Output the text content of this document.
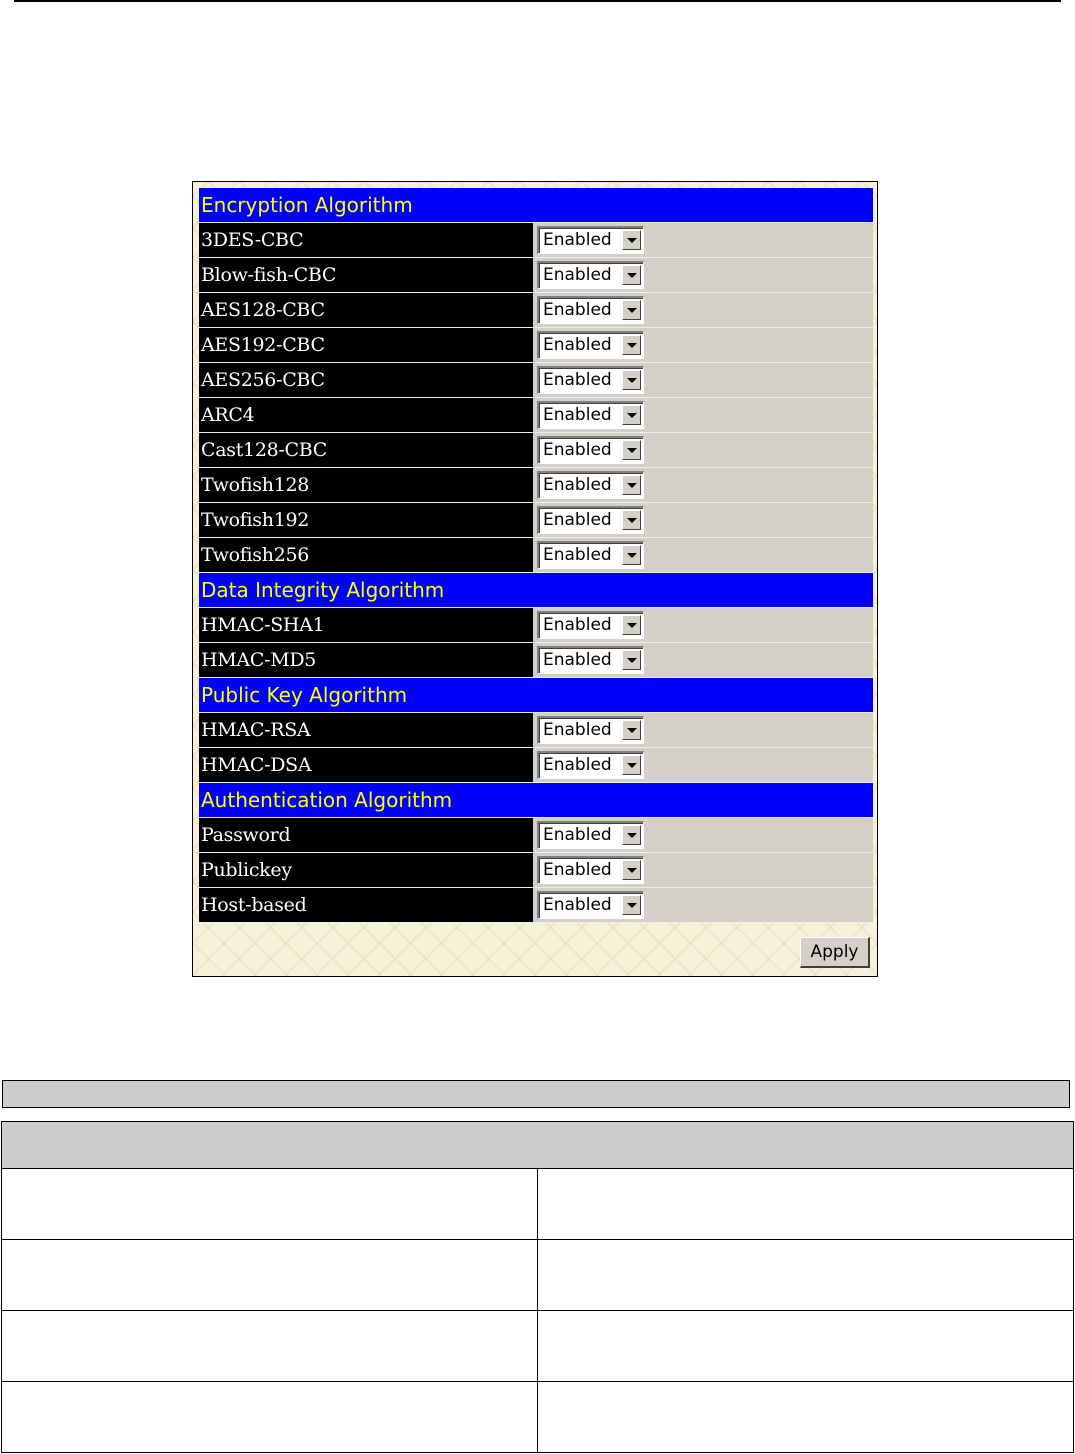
Encryption Algorithm
3DES-CBC	Enabled
Blow-fish-CBC	Enabled
AES128-CBC	Enabled
AES192-CBC	Enabled
AES256-CBC	Enabled
ARC4	Enabled
Cast128-CBC	Enabled
Twofish128	Enabled
Twofish192	Enabled
Twofish256	Enabled
Data Integrity Algorithm
HMAC-SHA1	Enabled
HMAC-MD5	Enabled
Public Key Algorithm
HMAC-RSA	Enabled
HMAC-DSA	Enabled
Authentication Algorithm
Password	Enabled
Publickey	Enabled
Host-based	Enabled
Apply
